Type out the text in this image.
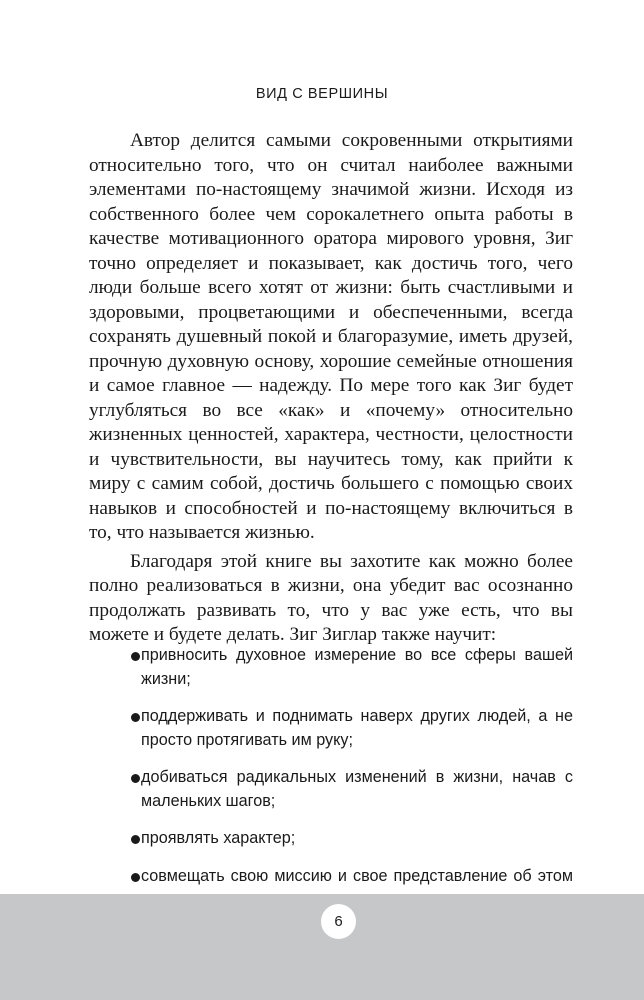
ВИД С ВЕРШИНЫ

Автор делится самыми сокровенными открытиями относительно того, что он считал наиболее важными элементами по-настоящему значимой жизни. Исходя из собственного более чем сорокалетнего опыта работы в качестве мотивационного оратора мирового уровня, Зиг точно определяет и показывает, как достичь того, чего люди больше всего хотят от жизни: быть счастливыми и здоровыми, процветающими и обеспеченными, всегда сохранять душевный покой и благоразумие, иметь друзей, прочную духовную основу, хорошие семейные отношения и самое главное — надежду. По мере того как Зиг будет углубляться во все «как» и «почему» относительно жизненных ценностей, характера, честности, целостности и чувствительности, вы научитесь тому, как прийти к миру с самим собой, достичь большего с помощью своих навыков и способностей и по-настоящему включиться в то, что называется жизнью.

Благодаря этой книге вы захотите как можно более полно реализоваться в жизни, она убедит вас осознанно продолжать развивать то, что у вас уже есть, что вы можете и будете делать. Зиг Зиглар также научит:

привносить духовное измерение во все сферы вашей жизни;
поддерживать и поднимать наверх других людей, а не просто протягивать им руку;
добиваться радикальных изменений в жизни, начав с маленьких шагов;
проявлять характер;
совмещать свою миссию и свое представление об этом
6
